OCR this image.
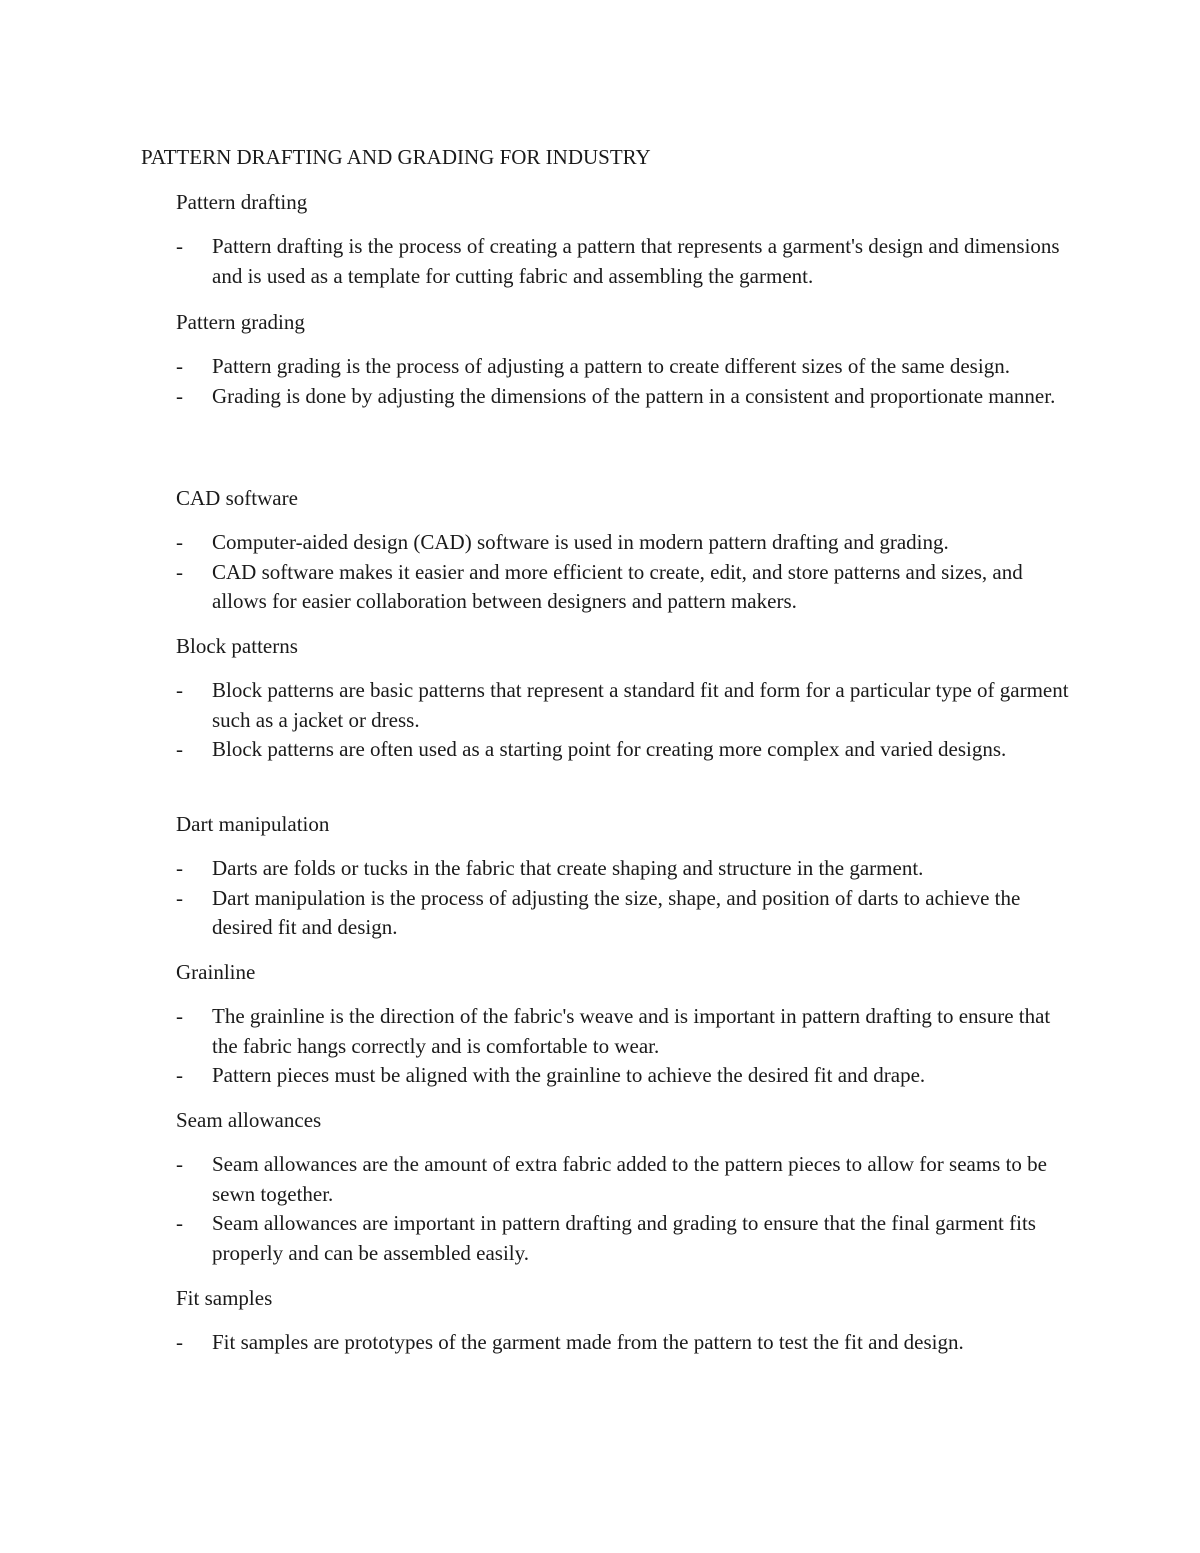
PATTERN DRAFTING AND GRADING FOR INDUSTRY
Pattern drafting
- Pattern drafting is the process of creating a pattern that represents a garment's design and dimensions and is used as a template for cutting fabric and assembling the garment.
Pattern grading
- Pattern grading is the process of adjusting a pattern to create different sizes of the same design.
- Grading is done by adjusting the dimensions of the pattern in a consistent and proportionate manner.
CAD software
- Computer-aided design (CAD) software is used in modern pattern drafting and grading.
- CAD software makes it easier and more efficient to create, edit, and store patterns and sizes, and allows for easier collaboration between designers and pattern makers.
Block patterns
- Block patterns are basic patterns that represent a standard fit and form for a particular type of garment such as a jacket or dress.
- Block patterns are often used as a starting point for creating more complex and varied designs.
Dart manipulation
- Darts are folds or tucks in the fabric that create shaping and structure in the garment.
- Dart manipulation is the process of adjusting the size, shape, and position of darts to achieve the desired fit and design.
Grainline
- The grainline is the direction of the fabric's weave and is important in pattern drafting to ensure that the fabric hangs correctly and is comfortable to wear.
- Pattern pieces must be aligned with the grainline to achieve the desired fit and drape.
Seam allowances
- Seam allowances are the amount of extra fabric added to the pattern pieces to allow for seams to be sewn together.
- Seam allowances are important in pattern drafting and grading to ensure that the final garment fits properly and can be assembled easily.
Fit samples
- Fit samples are prototypes of the garment made from the pattern to test the fit and design.
